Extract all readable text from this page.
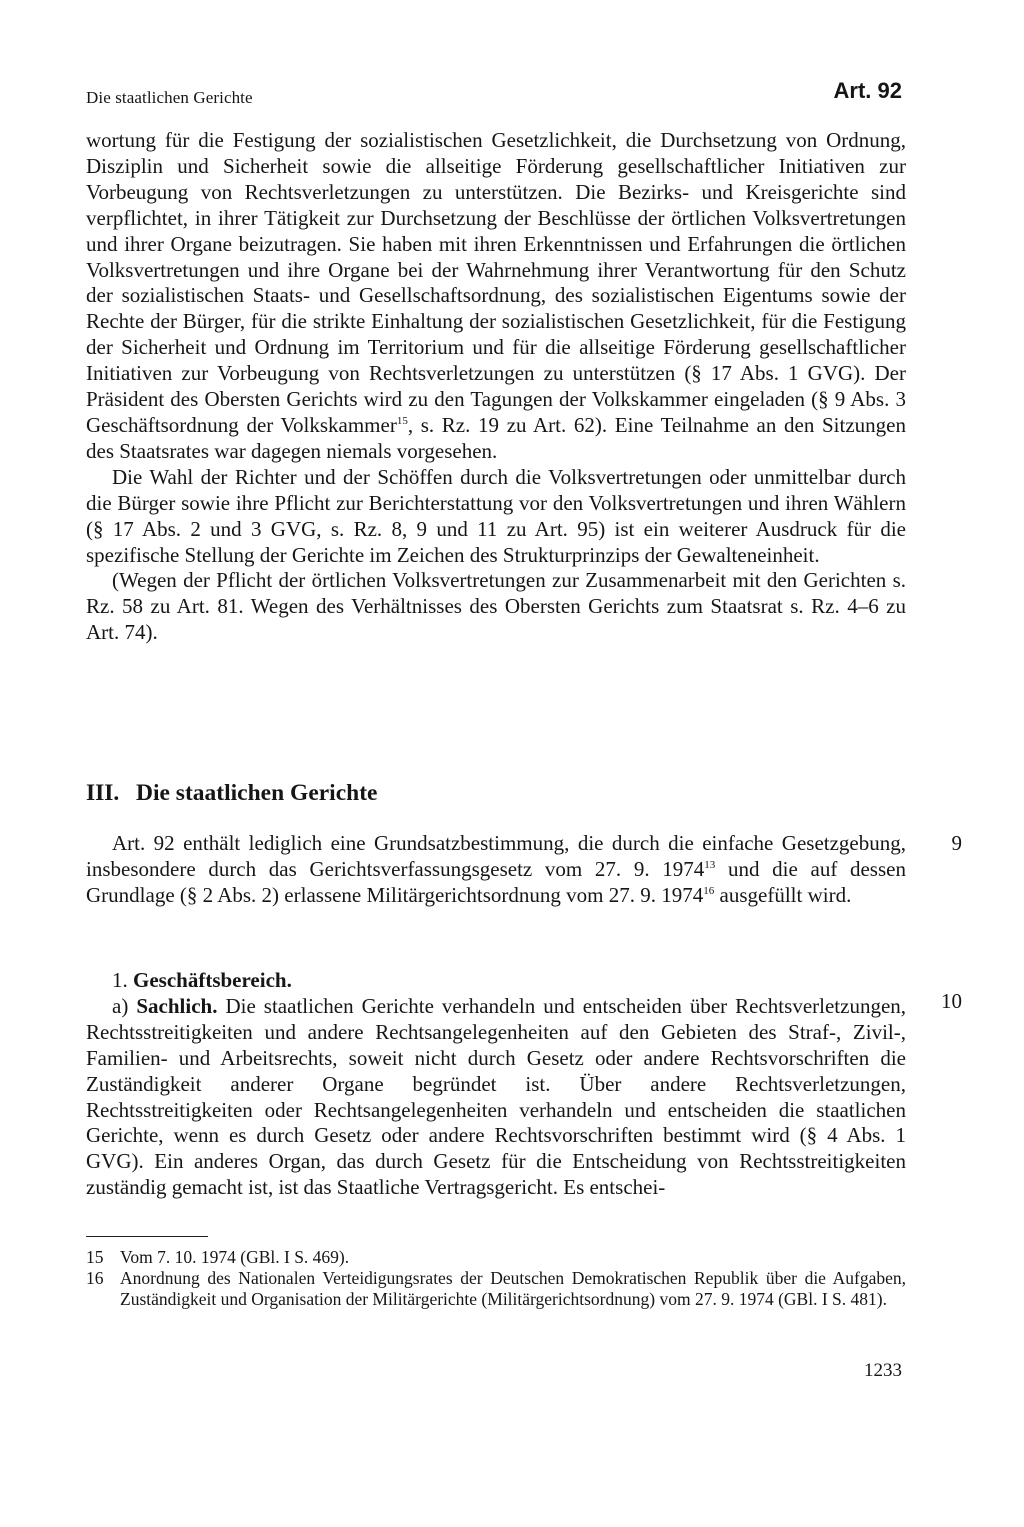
Die staatlichen Gerichte	Art. 92

wortung für die Festigung der sozialistischen Gesetzlichkeit, die Durchsetzung von Ordnung, Disziplin und Sicherheit sowie die allseitige Förderung gesellschaftlicher Initiativen zur Vorbeugung von Rechtsverletzungen zu unterstützen. Die Bezirks- und Kreisgerichte sind verpflichtet, in ihrer Tätigkeit zur Durchsetzung der Beschlüsse der örtlichen Volksvertretungen und ihrer Organe beizutragen. Sie haben mit ihren Erkenntnissen und Erfahrungen die örtlichen Volksvertretungen und ihre Organe bei der Wahrnehmung ihrer Verantwortung für den Schutz der sozialistischen Staats- und Gesellschaftsordnung, des sozialistischen Eigentums sowie der Rechte der Bürger, für die strikte Einhaltung der sozialistischen Gesetzlichkeit, für die Festigung der Sicherheit und Ordnung im Territorium und für die allseitige Förderung gesellschaftlicher Initiativen zur Vorbeugung von Rechtsverletzungen zu unterstützen (§ 17 Abs. 1 GVG). Der Präsident des Obersten Gerichts wird zu den Tagungen der Volkskammer eingeladen (§ 9 Abs. 3 Geschäftsordnung der Volkskammer$^{15}$, s. Rz. 19 zu Art. 62). Eine Teilnahme an den Sitzungen des Staatsrates war dagegen niemals vorgesehen.

Die Wahl der Richter und der Schöffen durch die Volksvertretungen oder unmittelbar durch die Bürger sowie ihre Pflicht zur Berichterstattung vor den Volksvertretungen und ihren Wählern (§ 17 Abs. 2 und 3 GVG, s. Rz. 8, 9 und 11 zu Art. 95) ist ein weiterer Ausdruck für die spezifische Stellung der Gerichte im Zeichen des Strukturprinzips der Gewalteneinheit.

(Wegen der Pflicht der örtlichen Volksvertretungen zur Zusammenarbeit mit den Gerichten s. Rz. 58 zu Art. 81. Wegen des Verhältnisses des Obersten Gerichts zum Staatsrat s. Rz. 4–6 zu Art. 74).

III. Die staatlichen Gerichte
9

Art. 92 enthält lediglich eine Grundsatzbestimmung, die durch die einfache Gesetzgebung, insbesondere durch das Gerichtsverfassungsgesetz vom 27. 9. 1974$^{13}$ und die auf dessen Grundlage (§ 2 Abs. 2) erlassene Militärgerichtsordnung vom 27. 9. 1974$^{16}$ ausgefüllt wird.

10

1. Geschäftsbereich.

a) Sachlich. Die staatlichen Gerichte verhandeln und entscheiden über Rechtsverletzungen, Rechtsstreitigkeiten und andere Rechtsangelegenheiten auf den Gebieten des Straf-, Zivil-, Familien- und Arbeitsrechts, soweit nicht durch Gesetz oder andere Rechtsvorschriften die Zuständigkeit anderer Organe begründet ist. Über andere Rechtsverletzungen, Rechtsstreitigkeiten oder Rechtsangelegenheiten verhandeln und entscheiden die staatlichen Gerichte, wenn es durch Gesetz oder andere Rechtsvorschriften bestimmt wird (§ 4 Abs. 1 GVG). Ein anderes Organ, das durch Gesetz für die Entscheidung von Rechtsstreitigkeiten zuständig gemacht ist, ist das Staatliche Vertragsgericht. Es entschei-

15 Vom 7. 10. 1974 (GBl. I S. 469).
16 Anordnung des Nationalen Verteidigungsrates der Deutschen Demokratischen Republik über die Aufgaben, Zuständigkeit und Organisation der Militärgerichte (Militärgerichtsordnung) vom 27. 9. 1974 (GBl. I S. 481).
1233
